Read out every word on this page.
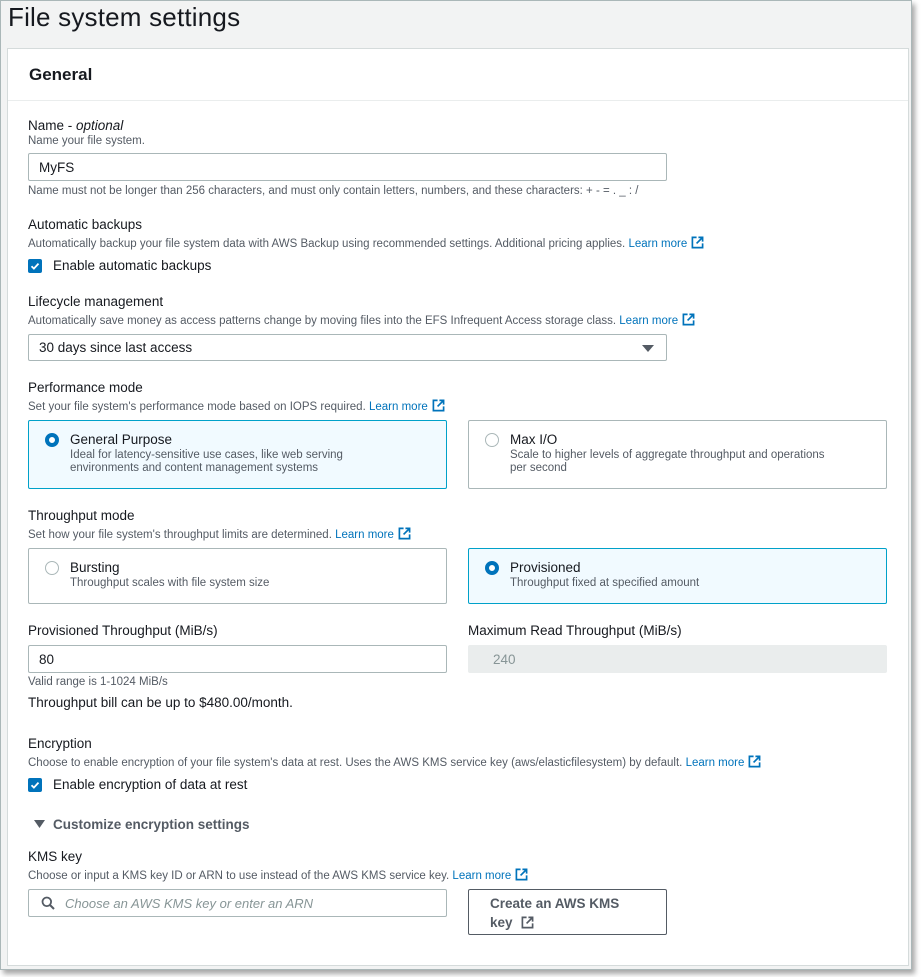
File system settings
General
Name - optional
Name your file system.
MyFS
Name must not be longer than 256 characters, and must only contain letters, numbers, and these characters: + - = . _ : /
Automatic backups
Automatically backup your file system data with AWS Backup using recommended settings. Additional pricing applies. Learn more
Enable automatic backups
Lifecycle management
Automatically save money as access patterns change by moving files into the EFS Infrequent Access storage class. Learn more
30 days since last access
Performance mode
Set your file system's performance mode based on IOPS required. Learn more
General Purpose
Ideal for latency-sensitive use cases, like web serving
environments and content management systems
Max I/O
Scale to higher levels of aggregate throughput and operations
per second
Throughput mode
Set how your file system's throughput limits are determined. Learn more
Bursting
Throughput scales with file system size
Provisioned
Throughput fixed at specified amount
Provisioned Throughput (MiB/s)
80
Valid range is 1-1024 MiB/s
Throughput bill can be up to $480.00/month.
Maximum Read Throughput (MiB/s)
240
Encryption
Choose to enable encryption of your file system's data at rest. Uses the AWS KMS service key (aws/elasticfilesystem) by default. Learn more
Enable encryption of data at rest
Customize encryption settings
KMS key
Choose or input a KMS key ID or ARN to use instead of the AWS KMS service key. Learn more
Choose an AWS KMS key or enter an ARN	Create an AWS KMS
key
